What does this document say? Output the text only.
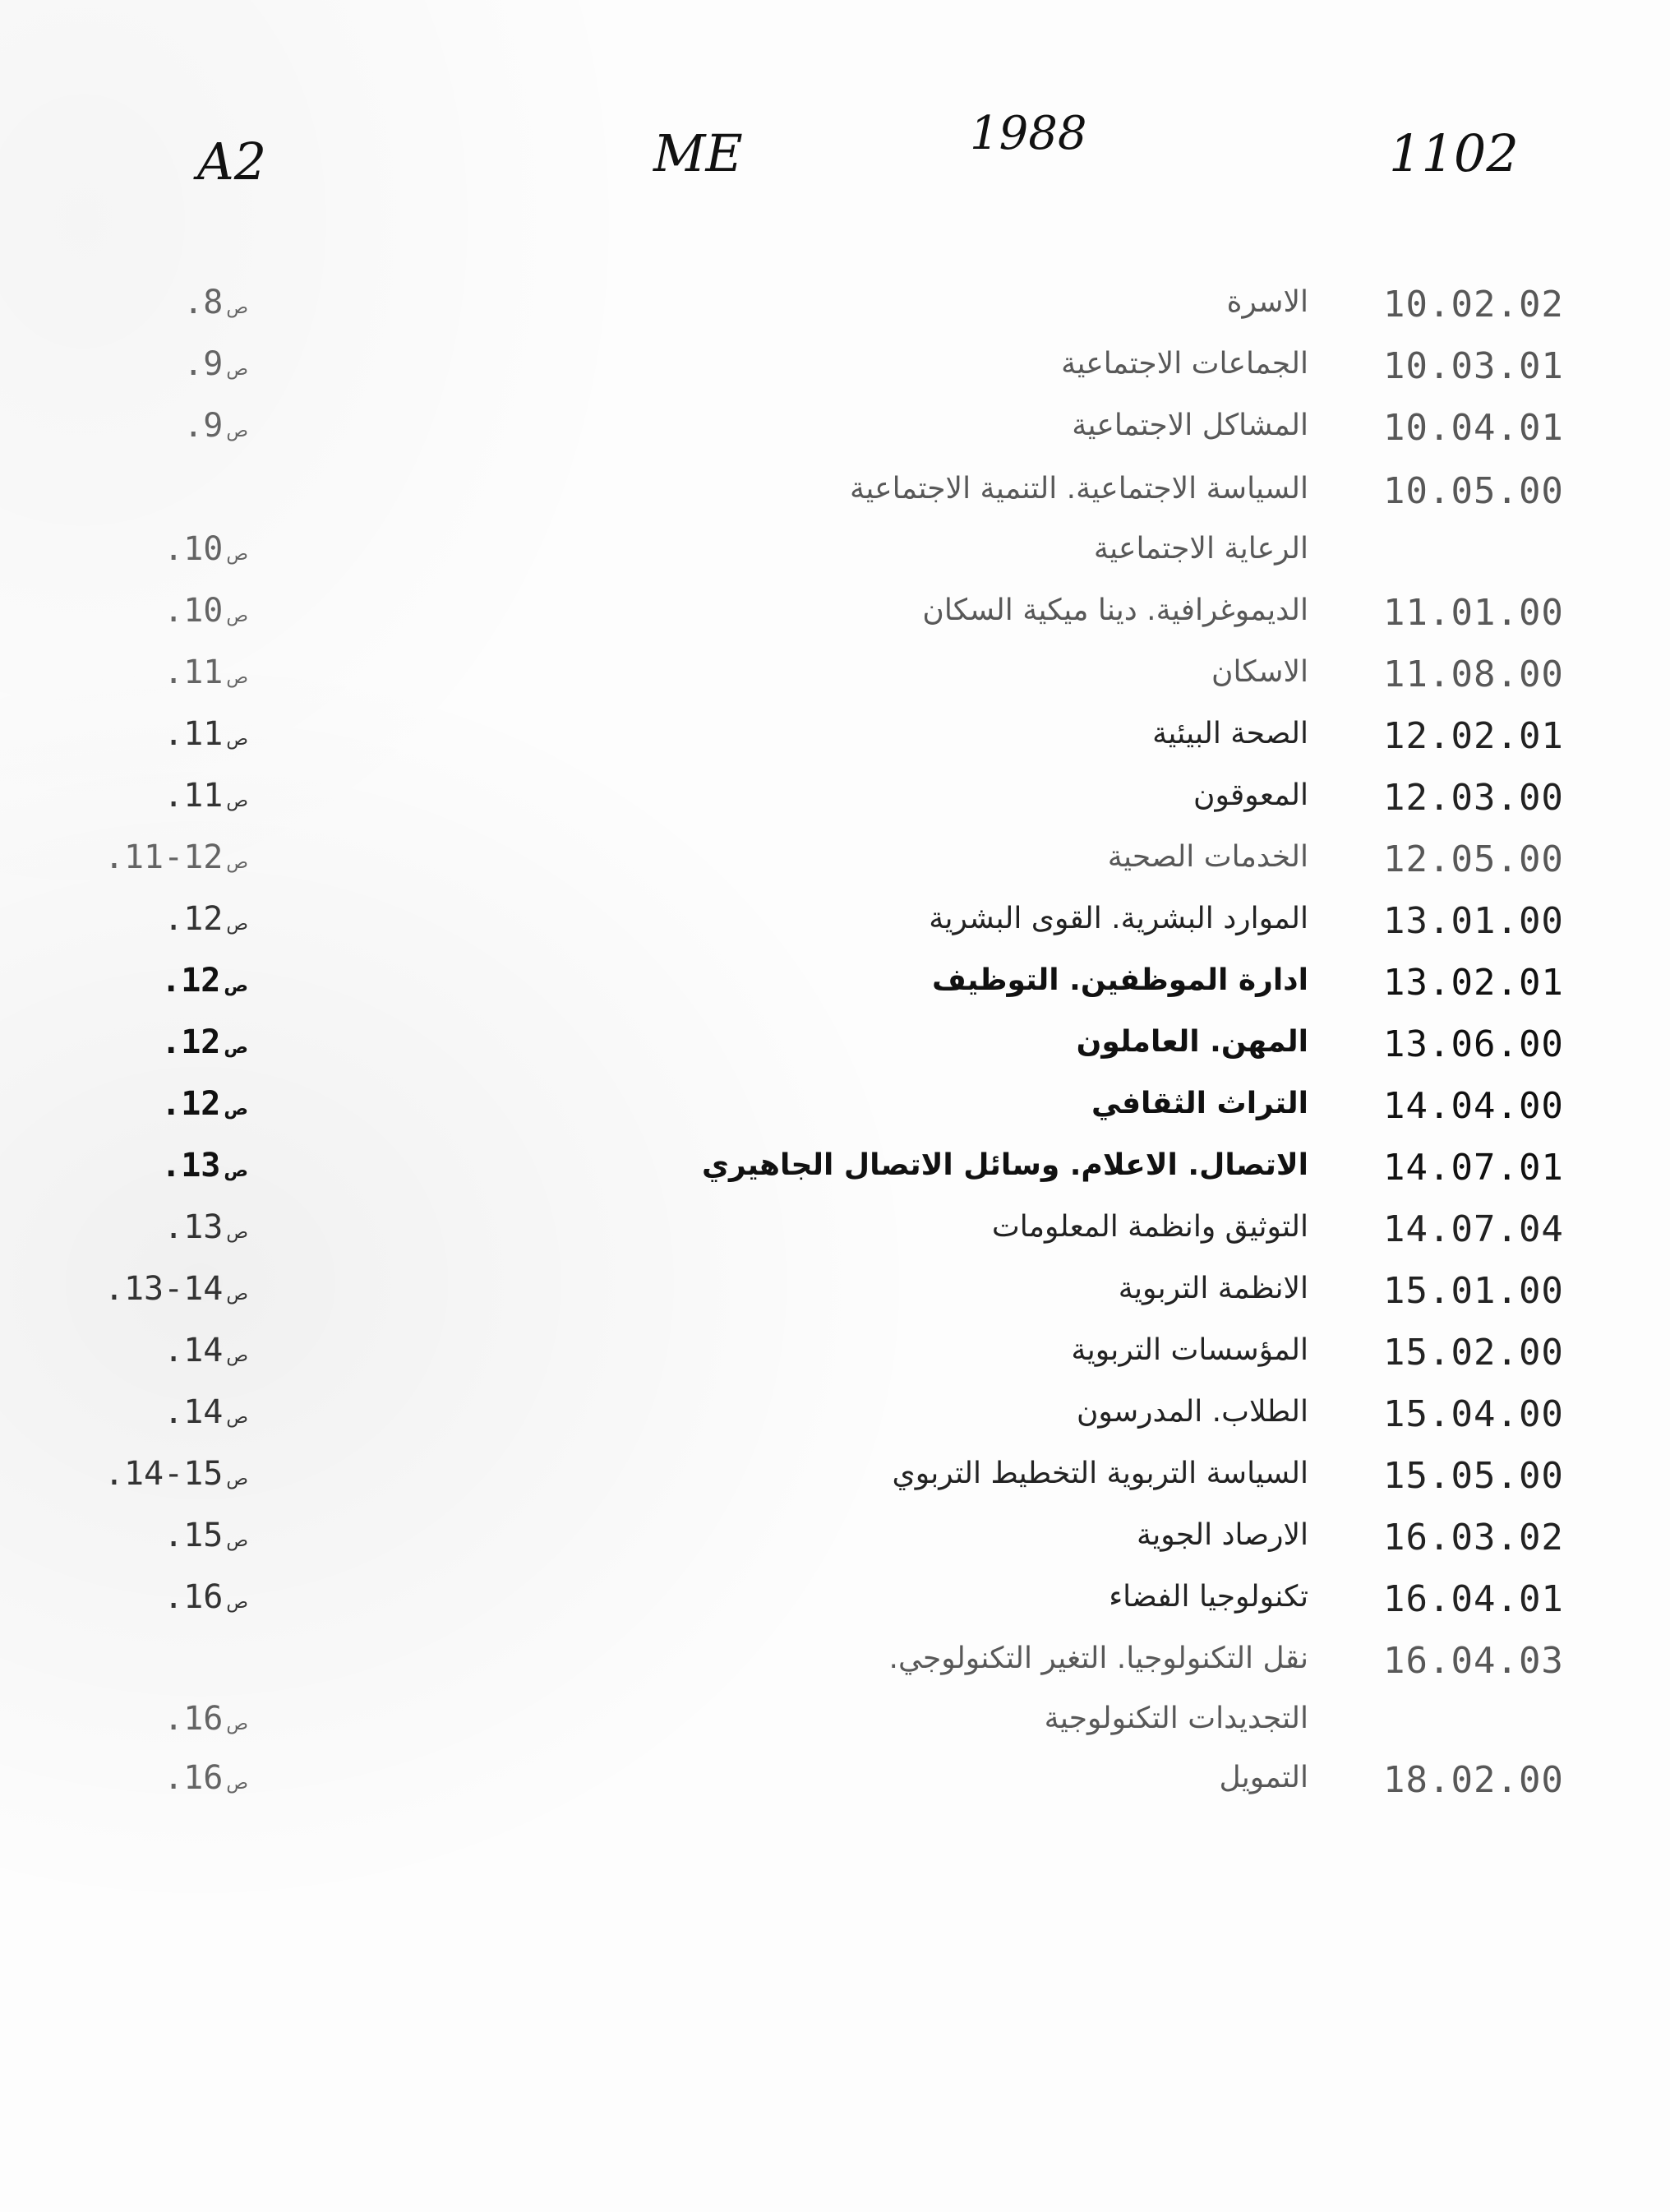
A2	ME	1988	1102
10.02.02
الاسرة
ص8.
10.03.01
الجماعات الاجتماعية
ص9.
10.04.01
المشاكل الاجتماعية
ص9.
10.05.00
السياسة الاجتماعية. التنمية الاجتماعية
الرعاية الاجتماعية
ص10.
11.01.00
الديموغرافية. دينا ميكية السكان
ص10.
11.08.00
الاسكان
ص11.
12.02.01
الصحة البيئية
ص11.
12.03.00
المعوقون
ص11.
12.05.00
الخدمات الصحية
ص12-11.
13.01.00
الموارد البشرية. القوى البشرية
ص12.
13.02.01
ادارة الموظفين. التوظيف
ص12.
13.06.00
المهن. العاملون
ص12.
14.04.00
التراث الثقافي
ص12.
14.07.01
الاتصال. الاعلام. وسائل الاتصال الجاهيري
ص13.
14.07.04
التوثيق وانظمة المعلومات
ص13.
15.01.00
الانظمة التربوية
ص14-13.
15.02.00
المؤسسات التربوية
ص14.
15.04.00
الطلاب. المدرسون
ص14.
15.05.00
السياسة التربوية التخطيط التربوي
ص15-14.
16.03.02
الارصاد الجوية
ص15.
16.04.01
تكنولوجيا الفضاء
ص16.
16.04.03
نقل التكنولوجيا. التغير التكنولوجي.
التجديدات التكنولوجية
ص16.
18.02.00
التمويل
ص16.
